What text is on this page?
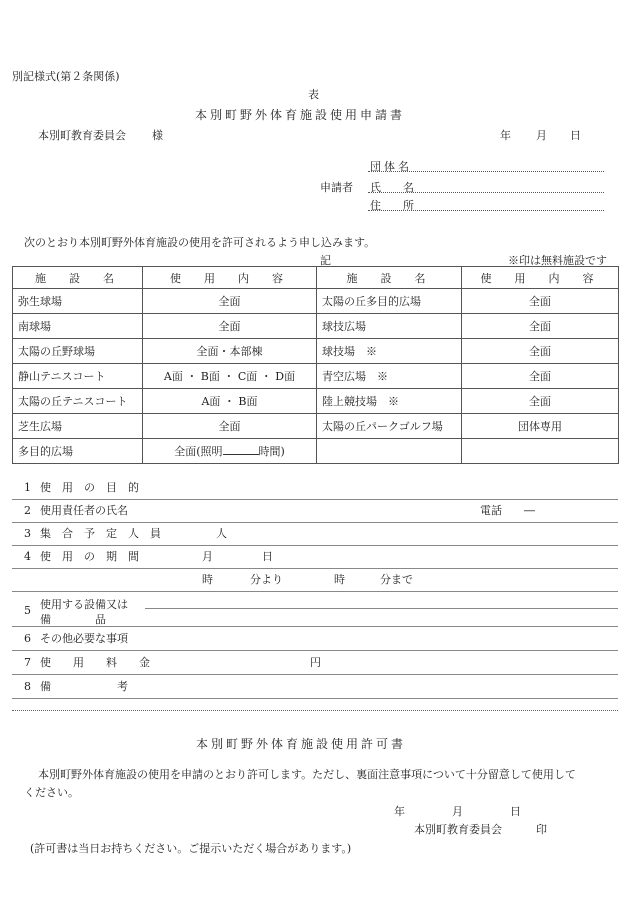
別記様式(第２条関係)
表
本別町野外体育施設使用申請書
本別町教育委員会 様	年 月 日
申請者
団体名
氏　　名
住　　所
次のとおり本別町野外体育施設の使用を許可されるよう申し込みます。
記	※印は無料施設です
施　設　名	使　用　内　容	施　設　名	使　用　内　容
弥生球場	全面	太陽の丘多目的広場	全面
南球場	全面	球技広場	全面
太陽の丘野球場	全面・本部棟	球技場　※	全面
静山テニスコート	A面 ・ B面 ・ C面 ・ D面	青空広場　※	全面
太陽の丘テニスコート	A面 ・ B面	陸上競技場　※	全面
芝生広場	全面	太陽の丘パークゴルフ場	団体専用
多目的広場	全面(照明 時間)		
1 使　用　の　目　的
2 使用責任者の氏名	電話 ―
3 集　合　予　定　人　員	人
4 使　用　の　期　間	月	日
時	分より	時	分まで
5 使用する設備又は
備　　　　品
6 その他必要な事項
7 使　　用　　料　　金	円
8 備　　　　　　考
本別町野外体育施設使用許可書
本別町野外体育施設の使用を申請のとおり許可します。ただし、裏面注意事項について十分留意して使用して
ください。
年	月	日
本別町教育委員会	印
(許可書は当日お持ちください。ご提示いただく場合があります。)
